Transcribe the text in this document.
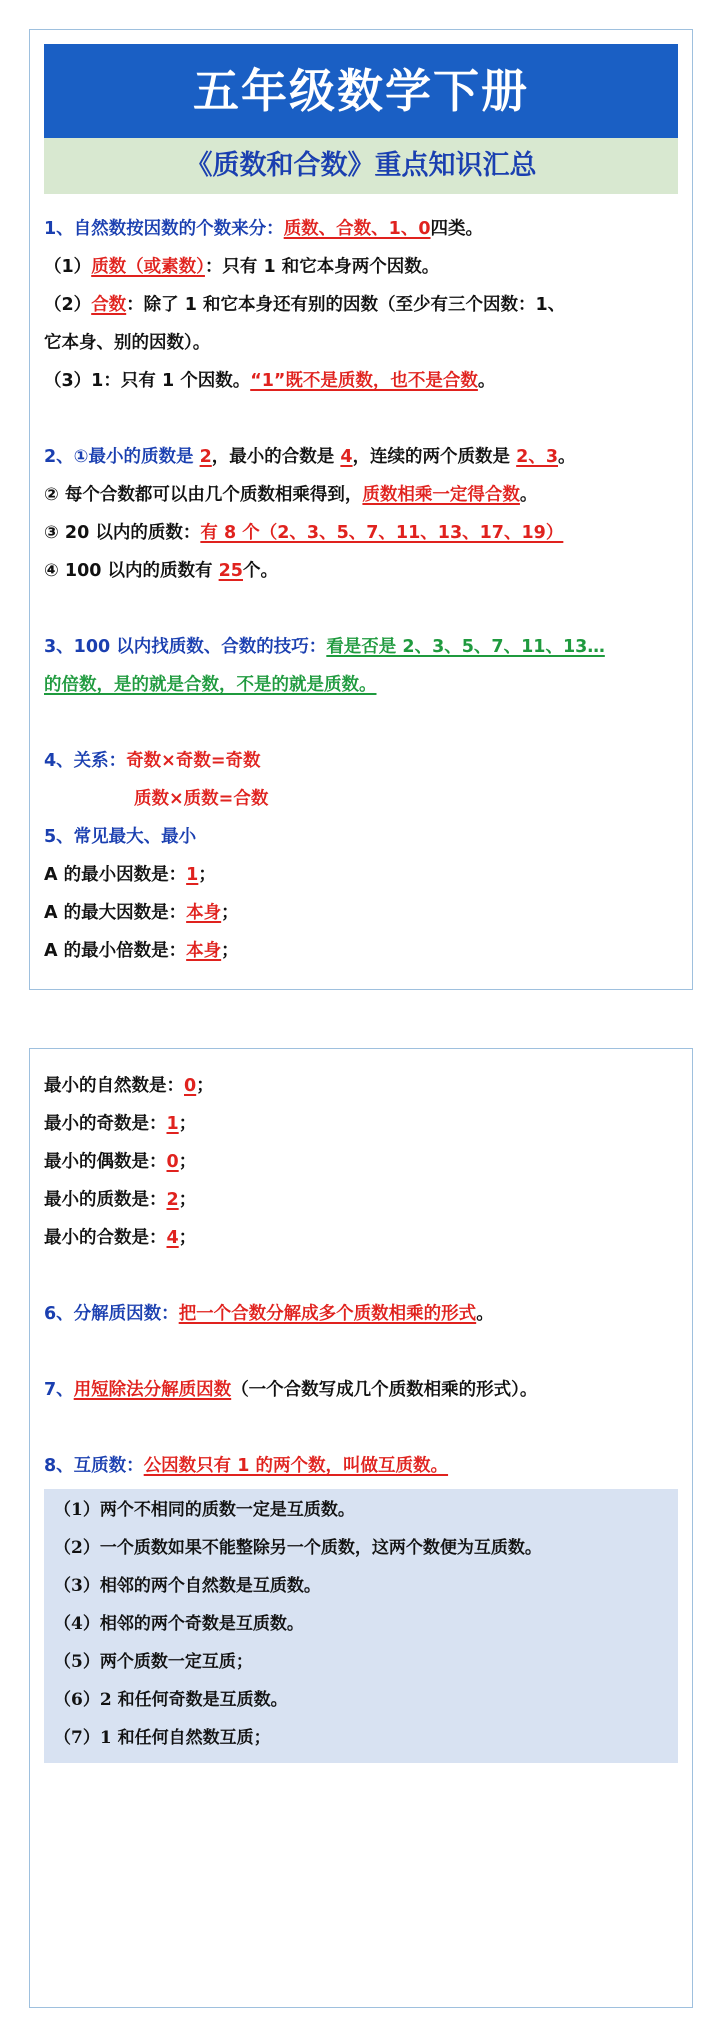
五年级数学下册
《质数和合数》重点知识汇总
1、自然数按因数的个数来分：质数、合数、1、0四类。
（1）质数（或素数）：只有 1 和它本身两个因数。
（2）合数：除了 1 和它本身还有别的因数（至少有三个因数：1、
它本身、别的因数）。
（3）1：只有 1 个因数。“1”既不是质数，也不是合数。
2、①最小的质数是 2，最小的合数是 4，连续的两个质数是 2、3。
② 每个合数都可以由几个质数相乘得到，质数相乘一定得合数。
③ 20 以内的质数：有 8 个（2、3、5、7、11、13、17、19）
④ 100 以内的质数有 25个。
3、100 以内找质数、合数的技巧：看是否是 2、3、5、7、11、13…
的倍数，是的就是合数，不是的就是质数。
4、关系：奇数×奇数=奇数
质数×质数=合数
5、常见最大、最小
A 的最小因数是：1；
A 的最大因数是：本身；
A 的最小倍数是：本身；
最小的自然数是：0；
最小的奇数是：1；
最小的偶数是：0；
最小的质数是：2；
最小的合数是：4；
6、分解质因数：把一个合数分解成多个质数相乘的形式。
7、用短除法分解质因数（一个合数写成几个质数相乘的形式）。
8、互质数：公因数只有 1 的两个数，叫做互质数。
（1）两个不相同的质数一定是互质数。
（2）一个质数如果不能整除另一个质数，这两个数便为互质数。
（3）相邻的两个自然数是互质数。
（4）相邻的两个奇数是互质数。
（5）两个质数一定互质；
（6）2 和任何奇数是互质数。
（7）1 和任何自然数互质；
